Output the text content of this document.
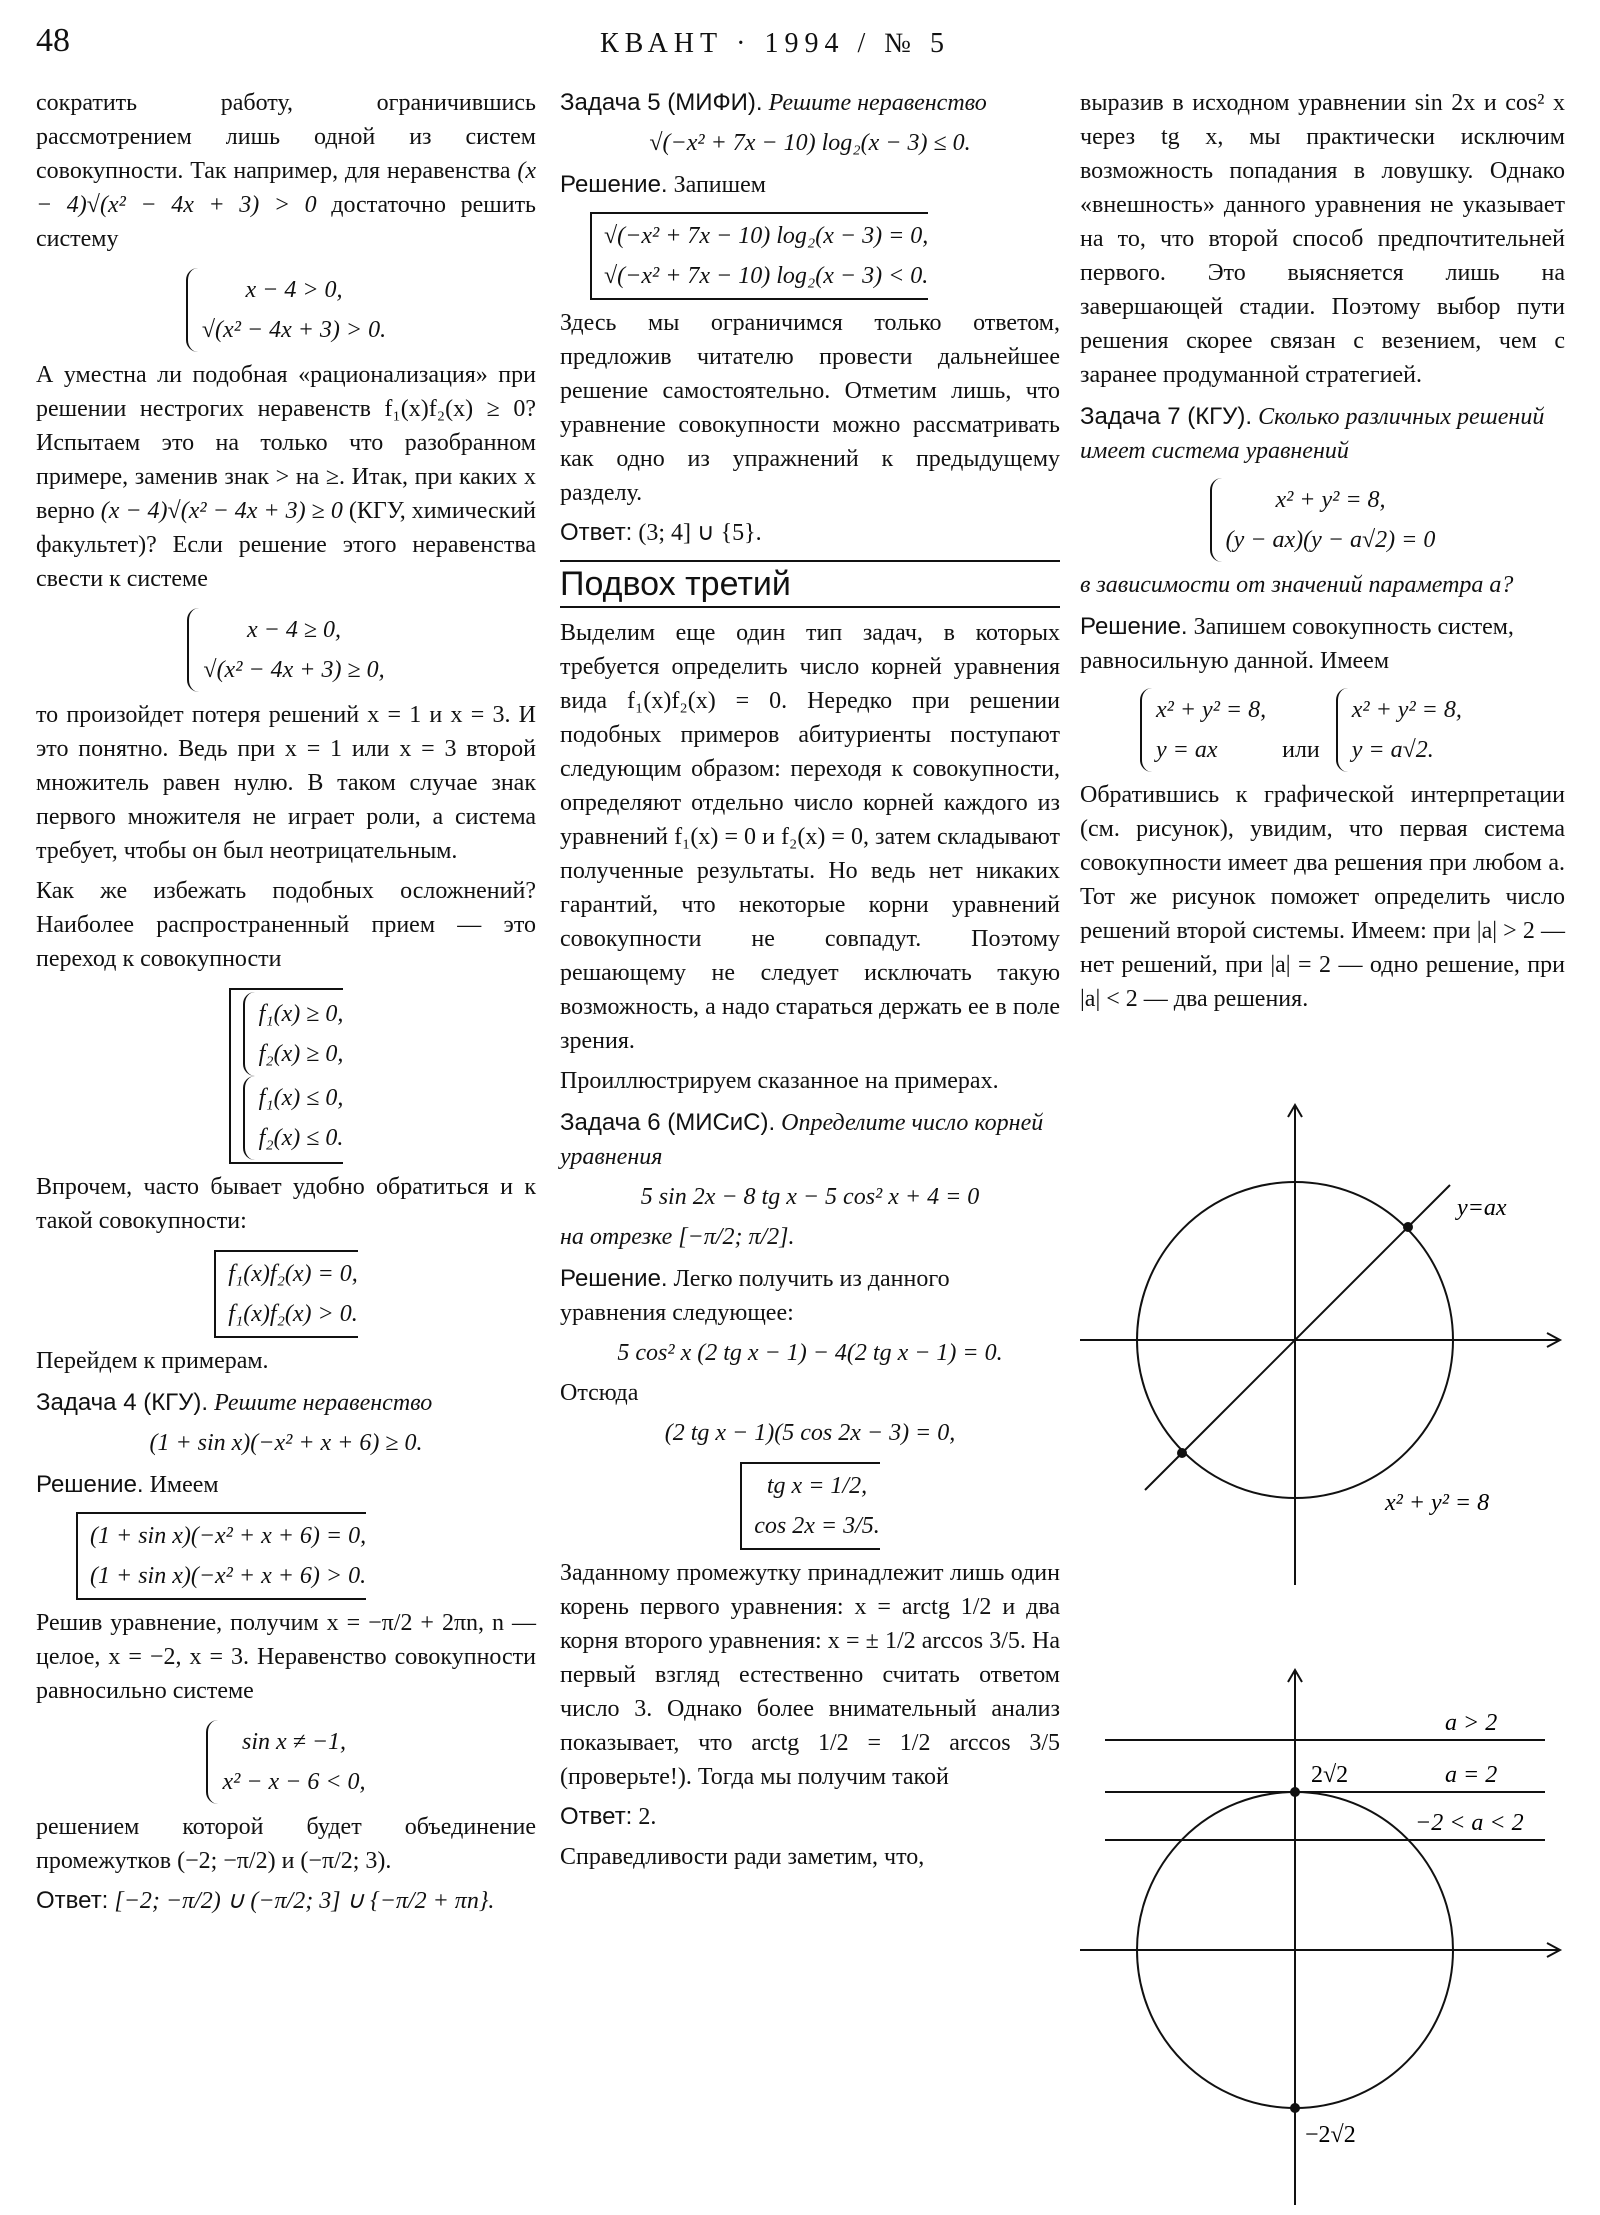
48	КВАНТ · 1994 / № 5

сократить работу, ограничившись рассмотрением лишь одной из систем совокупности. Так например, для неравенства (x − 4)√(x² − 4x + 3) > 0 достаточно решить систему

x − 4 > 0,
√(x² − 4x + 3) > 0.

А уместна ли подобная «рационализация» при решении нестрогих неравенств f₁(x)f₂(x) ≥ 0? Испытаем это на только что разобранном примере, заменив знак > на ≥. Итак, при каких x верно (x − 4)√(x² − 4x + 3) ≥ 0 (КГУ, химический факультет)? Если решение этого неравенства свести к системе

x − 4 ≥ 0,
√(x² − 4x + 3) ≥ 0,

то произойдет потеря решений x = 1 и x = 3. И это понятно. Ведь при x = 1 или x = 3 второй множитель равен нулю. В таком случае знак первого множителя не играет роли, а система требует, чтобы он был неотрицательным.

Как же избежать подобных осложнений? Наиболее распространенный прием — это переход к совокупности

f₁(x) ≥ 0,
f₂(x) ≥ 0,

f₁(x) ≤ 0,
f₂(x) ≤ 0.

Впрочем, часто бывает удобно обратиться и к такой совокупности:

f₁(x)f₂(x) = 0,
f₁(x)f₂(x) > 0.

Перейдем к примерам.

Задача 4 (КГУ). Решите неравенство
(1 + sin x)(−x² + x + 6) ≥ 0.
Решение. Имеем
(1 + sin x)(−x² + x + 6) = 0,
(1 + sin x)(−x² + x + 6) > 0.

Решив уравнение, получим x = −π/2 + 2πn, n — целое, x = −2, x = 3. Неравенство совокупности равносильно системе

sin x ≠ −1,
x² − x − 6 < 0,

решением которой будет объединение промежутков (−2; −π/2) и (−π/2; 3).

Ответ: [−2; −π/2) ∪ (−π/2; 3] ∪ {−π/2 + πn}.

Задача 5 (МИФИ). Решите неравенство
√(−x² + 7x − 10) log₂(x − 3) ≤ 0.
Решение. Запишем
√(−x² + 7x − 10) log₂(x − 3) = 0,
√(−x² + 7x − 10) log₂(x − 3) < 0.

Здесь мы ограничимся только ответом, предложив читателю провести дальнейшее решение самостоятельно. Отметим лишь, что уравнение совокупности можно рассматривать как одно из упражнений к предыдущему разделу.

Ответ: (3; 4] ∪ {5}.

Подвох третий

Выделим еще один тип задач, в которых требуется определить число корней уравнения вида f₁(x)f₂(x) = 0. Нередко при решении подобных примеров абитуриенты поступают следующим образом: переходя к совокупности, определяют отдельно число корней каждого из уравнений f₁(x) = 0 и f₂(x) = 0, затем складывают полученные результаты. Но ведь нет никаких гарантий, что некоторые корни уравнений совокупности не совпадут. Поэтому решающему не следует исключать такую возможность, а надо стараться держать ее в поле зрения.

Проиллюстрируем сказанное на примерах.

Задача 6 (МИСиС). Определите число корней уравнения
5 sin 2x − 8 tg x − 5 cos² x + 4 = 0
на отрезке [−π/2; π/2].
Решение. Легко получить из данного уравнения следующее:
5 cos² x (2 tg x − 1) − 4(2 tg x − 1) = 0.
Отсюда
(2 tg x − 1)(5 cos 2x − 3) = 0,
tg x = 1/2,
cos 2x = 3/5.

Заданному промежутку принадлежит лишь один корень первого уравнения: x = arctg 1/2 и два корня второго уравнения: x = ± 1/2 arccos 3/5. На первый взгляд естественно считать ответом число 3. Однако более внимательный анализ показывает, что arctg 1/2 = 1/2 arccos 3/5 (проверьте!). Тогда мы получим такой

Ответ: 2.

Справедливости ради заметим, что,

выразив в исходном уравнении sin 2x и cos² x через tg x, мы практически исключим возможность попадания в ловушку. Однако «внешность» данного уравнения не указывает на то, что второй способ предпочтительней первого. Это выясняется лишь на завершающей стадии. Поэтому выбор пути решения скорее связан с везением, чем с заранее продуманной стратегией.

Задача 7 (КГУ). Сколько различных решений имеет система уравнений
x² + y² = 8,
(y − ax)(y − a√2) = 0
в зависимости от значений параметра a?
Решение. Запишем совокупность систем, равносильную данной. Имеем
x² + y² = 8,
y = ax	или
x² + y² = 8,
y = a√2.

Обратившись к графической интерпретации (см. рисунок), увидим, что первая система совокупности имеет два решения при любом a. Тот же рисунок поможет определить число решений второй системы. Имеем: при |a| > 2 — нет решений, при |a| = 2 — одно решение, при |a| < 2 — два решения.

y=ax
x² + y² = 8
a > 2
a = 2
−2 < a < 2
2√2
−2√2
